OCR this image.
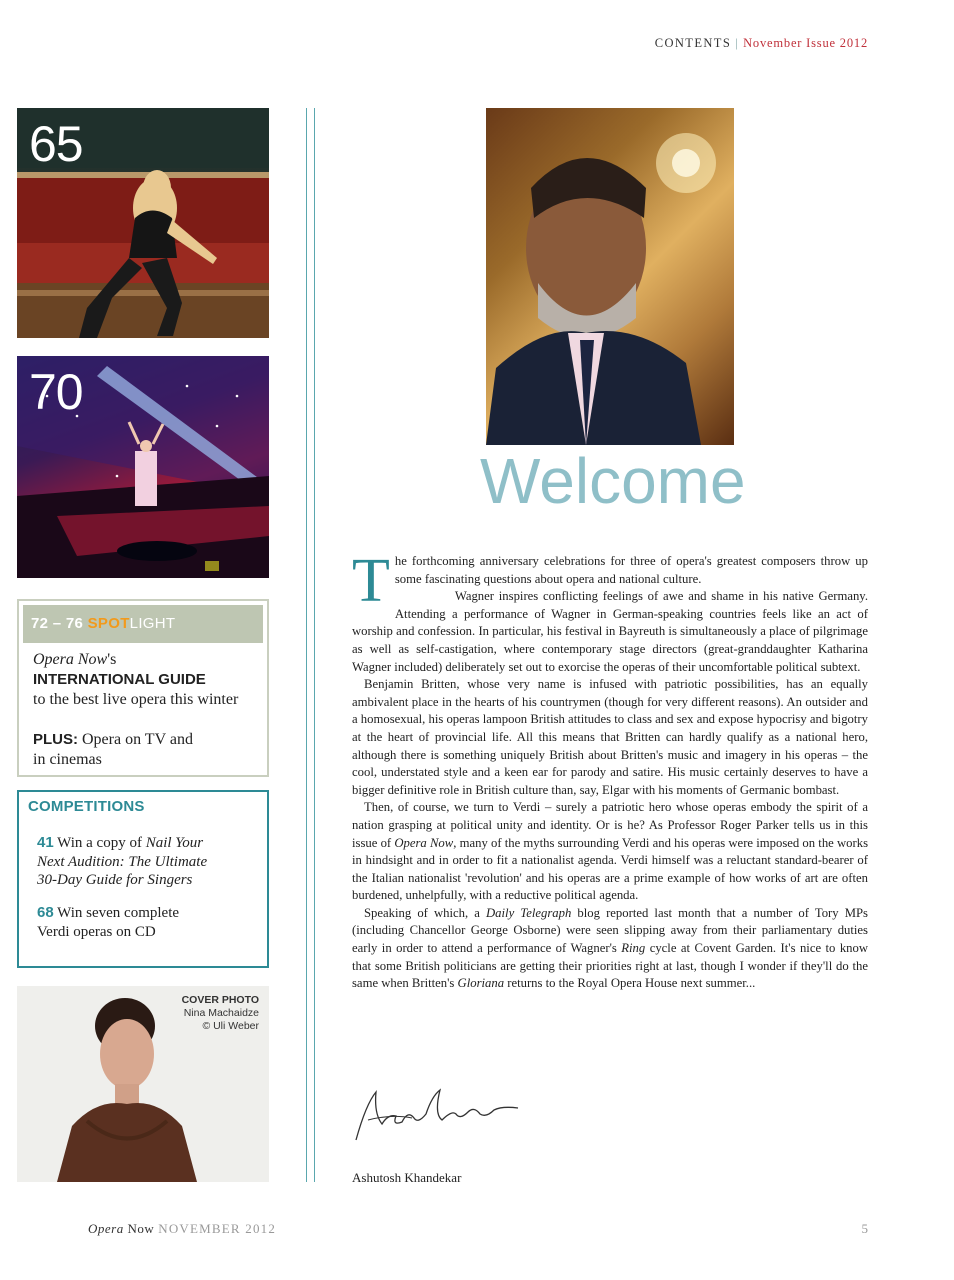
CONTENTS | November Issue 2012
65
70
72 – 76 SPOTLIGHT
Opera Now's
INTERNATIONAL GUIDE
to the best live opera this winter
PLUS: Opera on TV and
in cinemas
COMPETITIONS
41 Win a copy of Nail Your
Next Audition: The Ultimate
30-Day Guide for Singers
68 Win seven complete
Verdi operas on CD
COVER PHOTO
Nina Machaidze
© Uli Weber
Welcome

The forthcoming anniversary celebrations for three of opera's greatest composers throw up some fascinating questions about opera and national culture.

Wagner inspires conflicting feelings of awe and shame in his native Germany. Attending a performance of Wagner in German-speaking countries feels like an act of worship and confession. In particular, his festival in Bayreuth is simultaneously a place of pilgrimage as well as self-castigation, where contemporary stage directors (great-granddaughter Katharina Wagner included) deliberately set out to exorcise the operas of their uncomfortable political subtext.

Benjamin Britten, whose very name is infused with patriotic possibilities, has an equally ambivalent place in the hearts of his countrymen (though for very different reasons). An outsider and a homosexual, his operas lampoon British attitudes to class and sex and expose hypocrisy and bigotry at the heart of provincial life. All this means that Britten can hardly qualify as a national hero, although there is something uniquely British about Britten's music and imagery in his operas – the cool, understated style and a keen ear for parody and satire. His music certainly deserves to have a bigger definitive role in British culture than, say, Elgar with his moments of Germanic bombast.

Then, of course, we turn to Verdi – surely a patriotic hero whose operas embody the spirit of a nation grasping at political unity and identity. Or is he? As Professor Roger Parker tells us in this issue of Opera Now, many of the myths surrounding Verdi and his operas were imposed on the works in hindsight and in order to fit a nationalist agenda. Verdi himself was a reluctant standard-bearer of the Italian nationalist 'revolution' and his operas are a prime example of how works of art are often burdened, unhelpfully, with a reductive political agenda.

Speaking of which, a Daily Telegraph blog reported last month that a number of Tory MPs (including Chancellor George Osborne) were seen slipping away from their parliamentary duties early in order to attend a performance of Wagner's Ring cycle at Covent Garden. It's nice to know that some British politicians are getting their priorities right at last, though I wonder if they'll do the same when Britten's Gloriana returns to the Royal Opera House next summer...

Ashutosh Khandekar
Opera Now NOVEMBER 2012	5
